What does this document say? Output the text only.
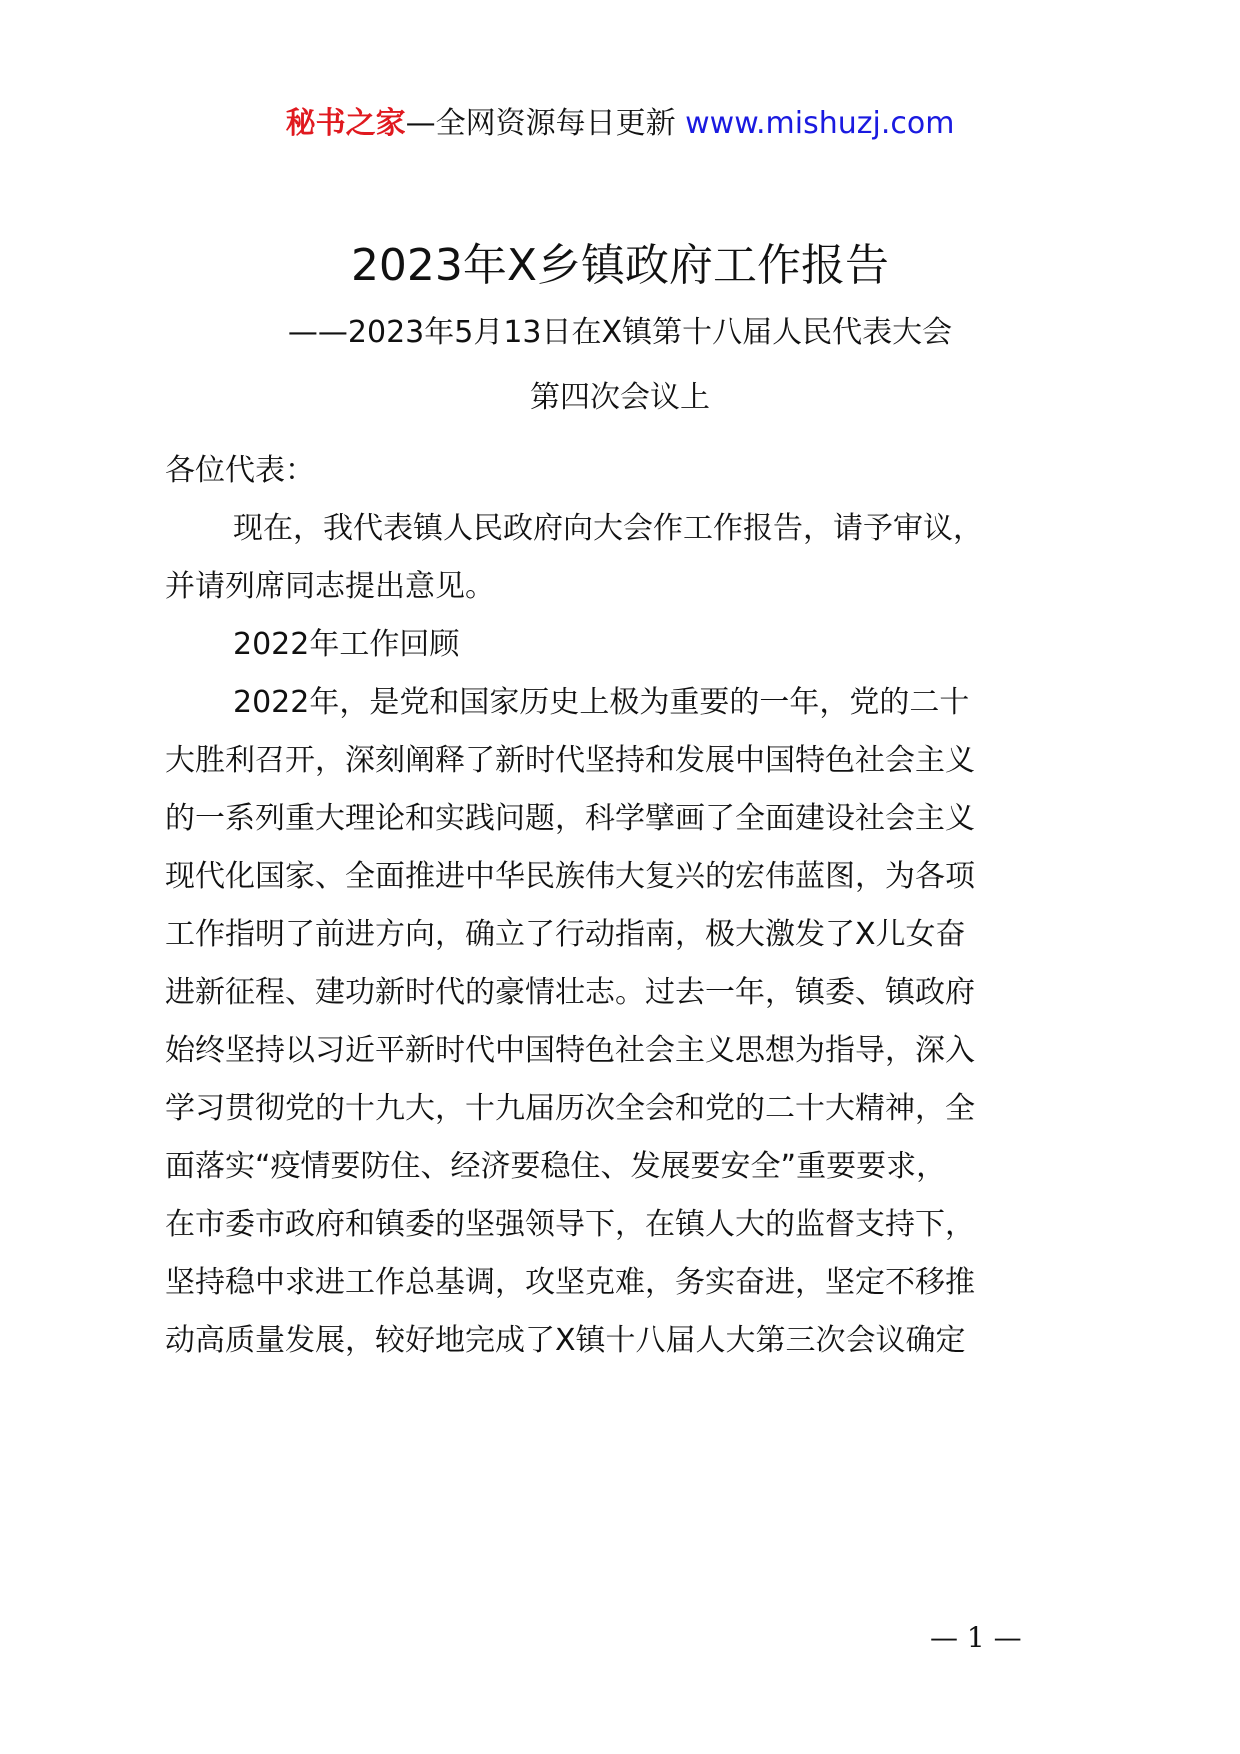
秘书之家—全网资源每日更新 www.mishuzj.com
2023年X乡镇政府工作报告
——2023年5月13日在X镇第十八届人民代表大会
第四次会议上
各位代表：
现在，我代表镇人民政府向大会作工作报告，请予审议，
并请列席同志提出意见。
2022年工作回顾
2022年，是党和国家历史上极为重要的一年，党的二十
大胜利召开，深刻阐释了新时代坚持和发展中国特色社会主义
的一系列重大理论和实践问题，科学擘画了全面建设社会主义
现代化国家、全面推进中华民族伟大复兴的宏伟蓝图，为各项
工作指明了前进方向，确立了行动指南，极大激发了X儿女奋
进新征程、建功新时代的豪情壮志。过去一年，镇委、镇政府
始终坚持以习近平新时代中国特色社会主义思想为指导，深入
学习贯彻党的十九大，十九届历次全会和党的二十大精神，全
面落实“疫情要防住、经济要稳住、发展要安全”重要要求，
在市委市政府和镇委的坚强领导下，在镇人大的监督支持下，
坚持稳中求进工作总基调，攻坚克难，务实奋进，坚定不移推
动高质量发展，较好地完成了X镇十八届人大第三次会议确定
— 1 —
